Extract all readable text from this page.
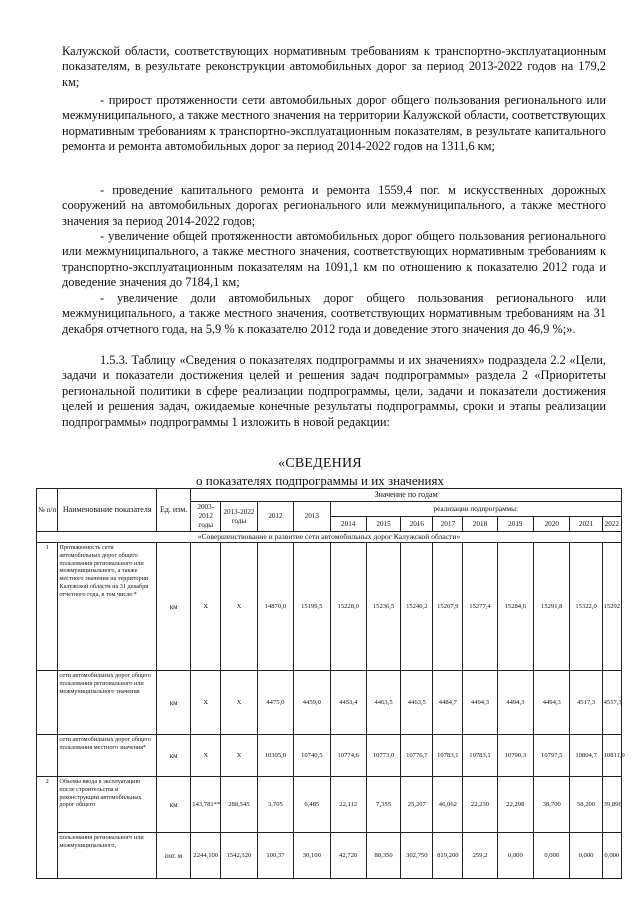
Калужской области, соответствующих нормативным требованиям к транспортно-эксплуатационным показателям, в результате реконструкции автомобильных дорог за период 2013-2022 годов на 179,2 км;

- прирост протяженности сети автомобильных дорог общего пользования регионального или межмуниципального, а также местного значения на территории Калужской области, соответствующих нормативным требованиям к транспортно-эксплуатационным показателям, в результате капитального ремонта и ремонта автомобильных дорог за период 2014-2022 годов на 1311,6 км;

- проведение капитального ремонта и ремонта 1559,4 пог. м искусственных дорожных сооружений на автомобильных дорогах регионального или межмуниципального, а также местного значения за период 2014-2022 годов;

- увеличение общей протяженности автомобильных дорог общего пользования регионального или межмуниципального, а также местного значения, соответствующих нормативным требованиям к транспортно-эксплуатационным показателям на 1091,1 км по отношению к показателю 2012 года и доведение значения до 7184,1 км;

- увеличение доли автомобильных дорог общего пользования регионального или межмуниципального, а также местного значения, соответствующих нормативным требованиям на 31 декабря отчетного года, на 5,9 % к показателю 2012 года и доведение этого значения до 46,9 %;».

1.5.3. Таблицу «Сведения о показателях подпрограммы и их значениях» подраздела 2.2 «Цели, задачи и показатели достижения целей и решения задач подпрограммы» раздела 2 «Приоритеты региональной политики в сфере реализации подпрограммы, цели, задачи и показатели достижения целей и решения задач, ожидаемые конечные результаты подпрограммы, сроки и этапы реализации подпрограммы» подпрограммы 1 изложить в новой редакции:

«СВЕДЕНИЯ
о показателях подпрограммы и их значениях
№ п/п	Наименование показателя	Ед. изм.	Значение по годам												
			2003-2012 годы	2013-2022 годы	2012	2013	реализации подпрограммы:								
							2014	2015	2016	2017	2018	2019	2020	2021	2022
«Совершенствование и развитие сети автомобильных дорог Калужской области»															
1	Протяженность сети автомобильных дорог общего пользования регионального или межмуниципального, а также местного значения на территории Калужской области на 31 декабря отчетного года, в том числе:*	км	Х	Х	14870,0	15199,5	15228,0	15236,5	15240,2	15267,9	15277,4	15284,6	15291,8	15322,0	15292
	сети автомобильных дорог общего пользования регионального или межмуниципального значения	км	Х	Х	4475,0	4459,0	4453,4	4463,5	4463,5	4484,7	4494,3	4494,3	4494,3	4517,3	4517,3
	сети автомобильных дорог общего пользования местного значения*	км	Х	Х	10395,0	10740,5	10774,6	10773,0	10776,7	10783,1	10783,1	10790,3	10797,5	10804,7	10811,9
2	Объемы ввода в эксплуатацию после строительства и реконструкции автомобильных дорог общего	км	143,781**	288,545	3,705	6,485	22,112	7,355	25,207	46,062	22,230	22,298	38,700	58,200	39,896
	пользования регионального или межмуниципального,	пог. м	2244,100	1542,320	100,37	30,100	42,720	88,350	302,750	819,200	259,2	0,000	0,000	0,000	0,000
